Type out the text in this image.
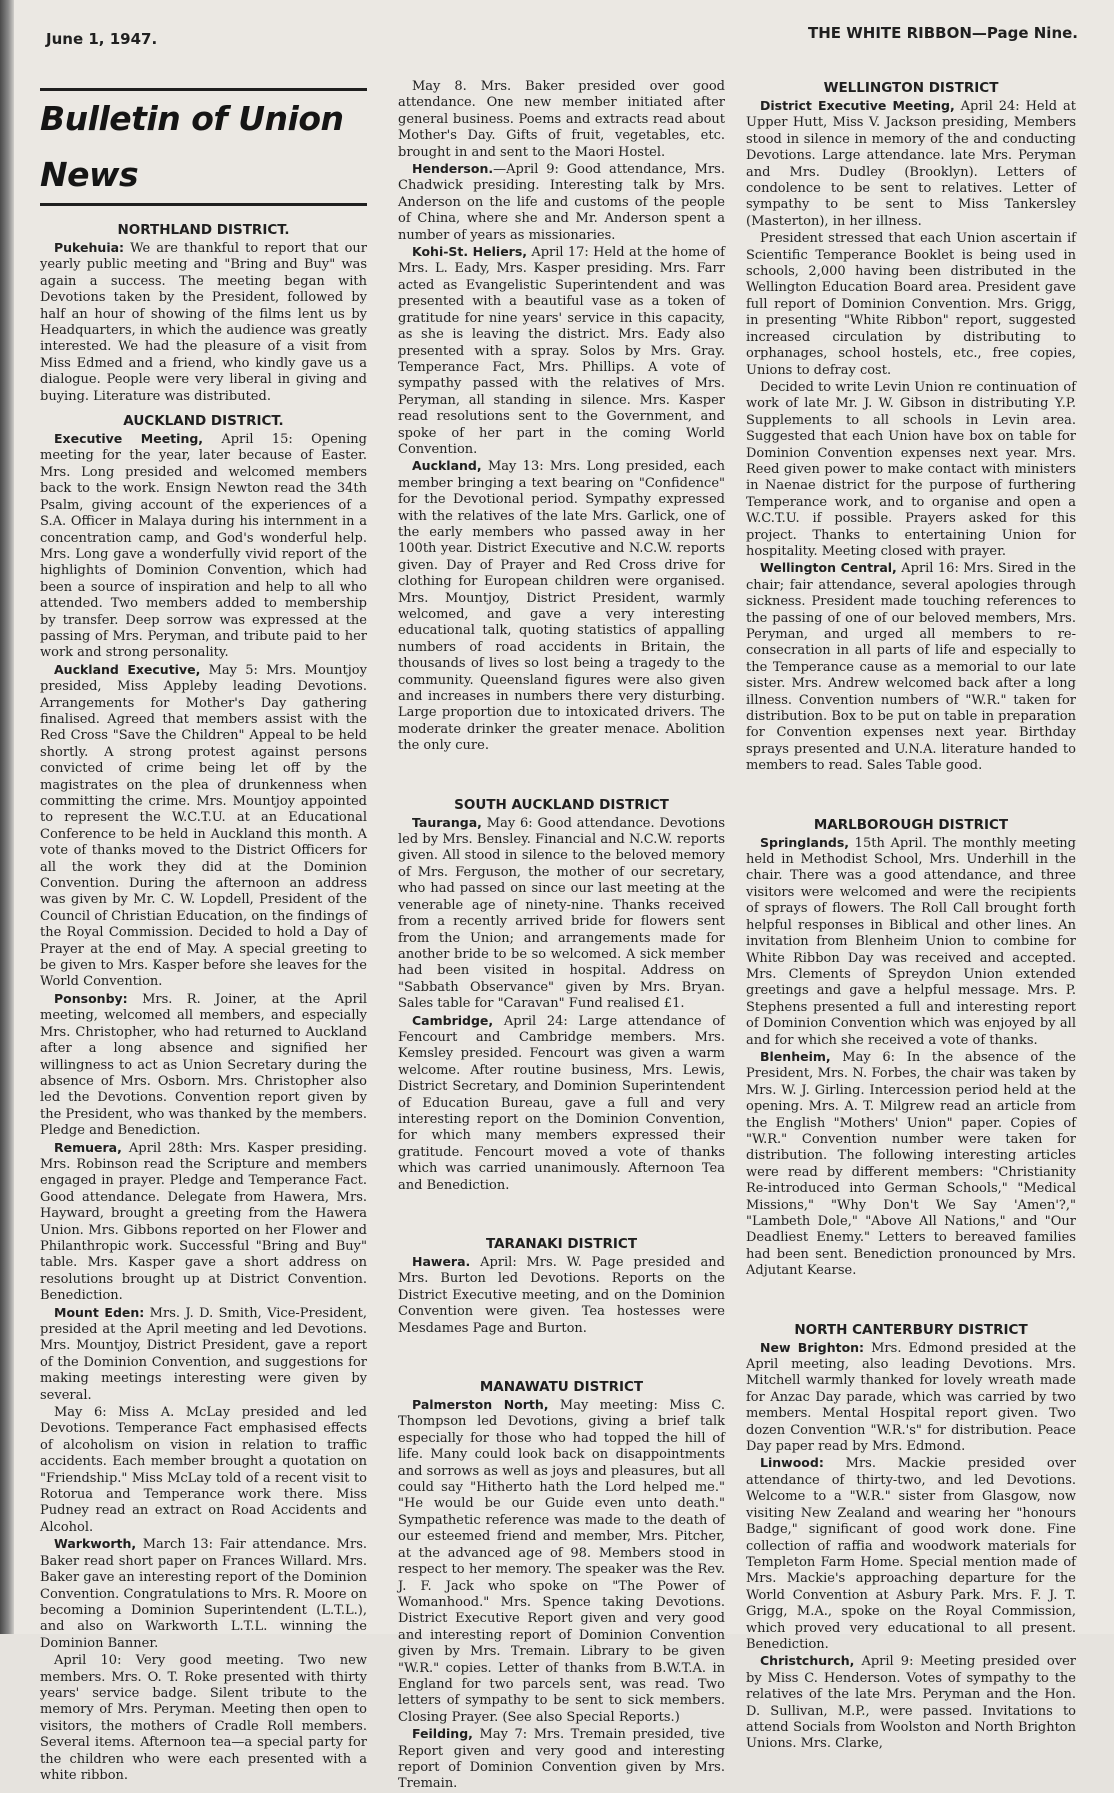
June 1, 1947.	THE WHITE RIBBON—Page Nine.
Bulletin of Union News
NORTHLAND DISTRICT.

Pukehuia: We are thankful to report that our yearly public meeting and "Bring and Buy" was again a success. The meeting began with Devotions taken by the President, followed by half an hour of showing of the films lent us by Headquarters, in which the audience was greatly interested. We had the pleasure of a visit from Miss Edmed and a friend, who kindly gave us a dialogue. People were very liberal in giving and buying. Literature was distributed.

AUCKLAND DISTRICT.

Executive Meeting, April 15: Opening meeting for the year, later because of Easter. Mrs. Long presided and welcomed members back to the work. Ensign Newton read the 34th Psalm, giving account of the experiences of a S.A. Officer in Malaya during his internment in a concentration camp, and God's wonderful help. Mrs. Long gave a wonderfully vivid report of the highlights of Dominion Convention, which had been a source of inspiration and help to all who attended. Two members added to membership by transfer. Deep sorrow was expressed at the passing of Mrs. Peryman, and tribute paid to her work and strong personality.

Auckland Executive, May 5: Mrs. Mountjoy presided, Miss Appleby leading Devotions. Arrangements for Mother's Day gathering finalised. Agreed that members assist with the Red Cross "Save the Children" Appeal to be held shortly. A strong protest against persons convicted of crime being let off by the magistrates on the plea of drunkenness when committing the crime. Mrs. Mountjoy appointed to represent the W.C.T.U. at an Educational Conference to be held in Auckland this month. A vote of thanks moved to the District Officers for all the work they did at the Dominion Convention. During the afternoon an address was given by Mr. C. W. Lopdell, President of the Council of Christian Education, on the findings of the Royal Commission. Decided to hold a Day of Prayer at the end of May. A special greeting to be given to Mrs. Kasper before she leaves for the World Convention.

Ponsonby: Mrs. R. Joiner, at the April meeting, welcomed all members, and especially Mrs. Christopher, who had returned to Auckland after a long absence and signified her willingness to act as Union Secretary during the absence of Mrs. Osborn. Mrs. Christopher also led the Devotions. Convention report given by the President, who was thanked by the members. Pledge and Benediction.

Remuera, April 28th: Mrs. Kasper presiding. Mrs. Robinson read the Scripture and members engaged in prayer. Pledge and Temperance Fact. Good attendance. Delegate from Hawera, Mrs. Hayward, brought a greeting from the Hawera Union. Mrs. Gibbons reported on her Flower and Philanthropic work. Successful "Bring and Buy" table. Mrs. Kasper gave a short address on resolutions brought up at District Convention. Benediction.

Mount Eden: Mrs. J. D. Smith, Vice-President, presided at the April meeting and led Devotions. Mrs. Mountjoy, District President, gave a report of the Dominion Convention, and suggestions for making meetings interesting were given by several.

May 6: Miss A. McLay presided and led Devotions. Temperance Fact emphasised effects of alcoholism on vision in relation to traffic accidents. Each member brought a quotation on "Friendship." Miss McLay told of a recent visit to Rotorua and Temperance work there. Miss Pudney read an extract on Road Accidents and Alcohol.

Warkworth, March 13: Fair attendance. Mrs. Baker read short paper on Frances Willard. Mrs. Baker gave an interesting report of the Dominion Convention. Congratulations to Mrs. R. Moore on becoming a Dominion Superintendent (L.T.L.), and also on Warkworth L.T.L. winning the Dominion Banner.

April 10: Very good meeting. Two new members. Mrs. O. T. Roke presented with thirty years' service badge. Silent tribute to the memory of Mrs. Peryman. Meeting then open to visitors, the mothers of Cradle Roll members. Several items. Afternoon tea—a special party for the children who were each presented with a white ribbon.

May 8. Mrs. Baker presided over good attendance. One new member initiated after general business. Poems and extracts read about Mother's Day. Gifts of fruit, vegetables, etc. brought in and sent to the Maori Hostel.

Henderson.—April 9: Good attendance, Mrs. Chadwick presiding. Interesting talk by Mrs. Anderson on the life and customs of the people of China, where she and Mr. Anderson spent a number of years as missionaries.

Kohi-St. Heliers, April 17: Held at the home of Mrs. L. Eady, Mrs. Kasper presiding. Mrs. Farr acted as Evangelistic Superintendent and was presented with a beautiful vase as a token of gratitude for nine years' service in this capacity, as she is leaving the district. Mrs. Eady also presented with a spray. Solos by Mrs. Gray. Temperance Fact, Mrs. Phillips. A vote of sympathy passed with the relatives of Mrs. Peryman, all standing in silence. Mrs. Kasper read resolutions sent to the Government, and spoke of her part in the coming World Convention.

Auckland, May 13: Mrs. Long presided, each member bringing a text bearing on "Confidence" for the Devotional period. Sympathy expressed with the relatives of the late Mrs. Garlick, one of the early members who passed away in her 100th year. District Executive and N.C.W. reports given. Day of Prayer and Red Cross drive for clothing for European children were organised. Mrs. Mountjoy, District President, warmly welcomed, and gave a very interesting educational talk, quoting statistics of appalling numbers of road accidents in Britain, the thousands of lives so lost being a tragedy to the community. Queensland figures were also given and increases in numbers there very disturbing. Large proportion due to intoxicated drivers. The moderate drinker the greater menace. Abolition the only cure.

SOUTH AUCKLAND DISTRICT

Tauranga, May 6: Good attendance. Devotions led by Mrs. Bensley. Financial and N.C.W. reports given. All stood in silence to the beloved memory of Mrs. Ferguson, the mother of our secretary, who had passed on since our last meeting at the venerable age of ninety-nine. Thanks received from a recently arrived bride for flowers sent from the Union; and arrangements made for another bride to be so welcomed. A sick member had been visited in hospital. Address on "Sabbath Observance" given by Mrs. Bryan. Sales table for "Caravan" Fund realised £1.

Cambridge, April 24: Large attendance of Fencourt and Cambridge members. Mrs. Kemsley presided. Fencourt was given a warm welcome. After routine business, Mrs. Lewis, District Secretary, and Dominion Superintendent of Education Bureau, gave a full and very interesting report on the Dominion Convention, for which many members expressed their gratitude. Fencourt moved a vote of thanks which was carried unanimously. Afternoon Tea and Benediction.

TARANAKI DISTRICT

Hawera. April: Mrs. W. Page presided and Mrs. Burton led Devotions. Reports on the District Executive meeting, and on the Dominion Convention were given. Tea hostesses were Mesdames Page and Burton.

MANAWATU DISTRICT

Palmerston North, May meeting: Miss C. Thompson led Devotions, giving a brief talk especially for those who had topped the hill of life. Many could look back on disappointments and sorrows as well as joys and pleasures, but all could say "Hitherto hath the Lord helped me." "He would be our Guide even unto death." Sympathetic reference was made to the death of our esteemed friend and member, Mrs. Pitcher, at the advanced age of 98. Members stood in respect to her memory. The speaker was the Rev. J. F. Jack who spoke on "The Power of Womanhood." Mrs. Spence taking Devotions. District Executive Report given and very good and interesting report of Dominion Convention given by Mrs. Tremain. Library to be given "W.R." copies. Letter of thanks from B.W.T.A. in England for two parcels sent, was read. Two letters of sympathy to be sent to sick members. Closing Prayer. (See also Special Reports.)

Feilding, May 7: Mrs. Tremain presided, tive Report given and very good and interesting report of Dominion Convention given by Mrs. Tremain.

WELLINGTON DISTRICT

District Executive Meeting, April 24: Held at Upper Hutt, Miss V. Jackson presiding, Members stood in silence in memory of the and conducting Devotions. Large attendance. late Mrs. Peryman and Mrs. Dudley (Brooklyn). Letters of condolence to be sent to relatives. Letter of sympathy to be sent to Miss Tankersley (Masterton), in her illness.

President stressed that each Union ascertain if Scientific Temperance Booklet is being used in schools, 2,000 having been distributed in the Wellington Education Board area. President gave full report of Dominion Convention. Mrs. Grigg, in presenting "White Ribbon" report, suggested increased circulation by distributing to orphanages, school hostels, etc., free copies, Unions to defray cost.

Decided to write Levin Union re continuation of work of late Mr. J. W. Gibson in distributing Y.P. Supplements to all schools in Levin area. Suggested that each Union have box on table for Dominion Convention expenses next year. Mrs. Reed given power to make contact with ministers in Naenae district for the purpose of furthering Temperance work, and to organise and open a W.C.T.U. if possible. Prayers asked for this project. Thanks to entertaining Union for hospitality. Meeting closed with prayer.

Wellington Central, April 16: Mrs. Sired in the chair; fair attendance, several apologies through sickness. President made touching references to the passing of one of our beloved members, Mrs. Peryman, and urged all members to re-consecration in all parts of life and especially to the Temperance cause as a memorial to our late sister. Mrs. Andrew welcomed back after a long illness. Convention numbers of "W.R." taken for distribution. Box to be put on table in preparation for Convention expenses next year. Birthday sprays presented and U.N.A. literature handed to members to read. Sales Table good.

MARLBOROUGH DISTRICT

Springlands, 15th April. The monthly meeting held in Methodist School, Mrs. Underhill in the chair. There was a good attendance, and three visitors were welcomed and were the recipients of sprays of flowers. The Roll Call brought forth helpful responses in Biblical and other lines. An invitation from Blenheim Union to combine for White Ribbon Day was received and accepted. Mrs. Clements of Spreydon Union extended greetings and gave a helpful message. Mrs. P. Stephens presented a full and interesting report of Dominion Convention which was enjoyed by all and for which she received a vote of thanks.

Blenheim, May 6: In the absence of the President, Mrs. N. Forbes, the chair was taken by Mrs. W. J. Girling. Intercession period held at the opening. Mrs. A. T. Milgrew read an article from the English "Mothers' Union" paper. Copies of "W.R." Convention number were taken for distribution. The following interesting articles were read by different members: "Christianity Re-introduced into German Schools," "Medical Missions," "Why Don't We Say 'Amen'?," "Lambeth Dole," "Above All Nations," and "Our Deadliest Enemy." Letters to bereaved families had been sent. Benediction pronounced by Mrs. Adjutant Kearse.

NORTH CANTERBURY DISTRICT

New Brighton: Mrs. Edmond presided at the April meeting, also leading Devotions. Mrs. Mitchell warmly thanked for lovely wreath made for Anzac Day parade, which was carried by two members. Mental Hospital report given. Two dozen Convention "W.R.'s" for distribution. Peace Day paper read by Mrs. Edmond.

Linwood: Mrs. Mackie presided over attendance of thirty-two, and led Devotions. Welcome to a "W.R." sister from Glasgow, now visiting New Zealand and wearing her "honours Badge," significant of good work done. Fine collection of raffia and woodwork materials for Templeton Farm Home. Special mention made of Mrs. Mackie's approaching departure for the World Convention at Asbury Park. Mrs. F. J. T. Grigg, M.A., spoke on the Royal Commission, which proved very educational to all present. Benediction.

Christchurch, April 9: Meeting presided over by Miss C. Henderson. Votes of sympathy to the relatives of the late Mrs. Peryman and the Hon. D. Sullivan, M.P., were passed. Invitations to attend Socials from Woolston and North Brighton Unions. Mrs. Clarke,
